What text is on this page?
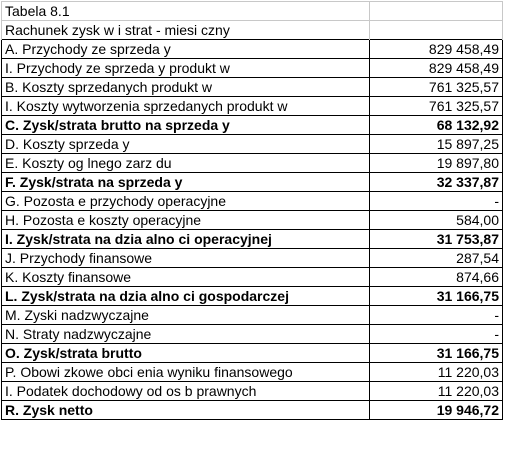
Tabela 8.1	
Rachunek zysk w i strat - miesi czny	
A. Przychody ze sprzeda y	829 458,49
I. Przychody ze sprzeda y produkt w	829 458,49
B. Koszty sprzedanych produkt w	761 325,57
I. Koszty wytworzenia sprzedanych produkt w	761 325,57
C. Zysk/strata brutto na sprzeda y	68 132,92
D. Koszty sprzeda y	15 897,25
E. Koszty og lnego zarz du	19 897,80
F. Zysk/strata na sprzeda y	32 337,87
G. Pozosta e przychody operacyjne	-
H. Pozosta e koszty operacyjne	584,00
I. Zysk/strata na dzia alno ci operacyjnej	31 753,87
J. Przychody finansowe	287,54
K. Koszty finansowe	874,66
L. Zysk/strata na dzia alno ci gospodarczej	31 166,75
M. Zyski nadzwyczajne	-
N. Straty nadzwyczajne	-
O. Zysk/strata brutto	31 166,75
P. Obowi zkowe obci enia wyniku finansowego	11 220,03
I. Podatek dochodowy od os b prawnych	11 220,03
R. Zysk netto	19 946,72
